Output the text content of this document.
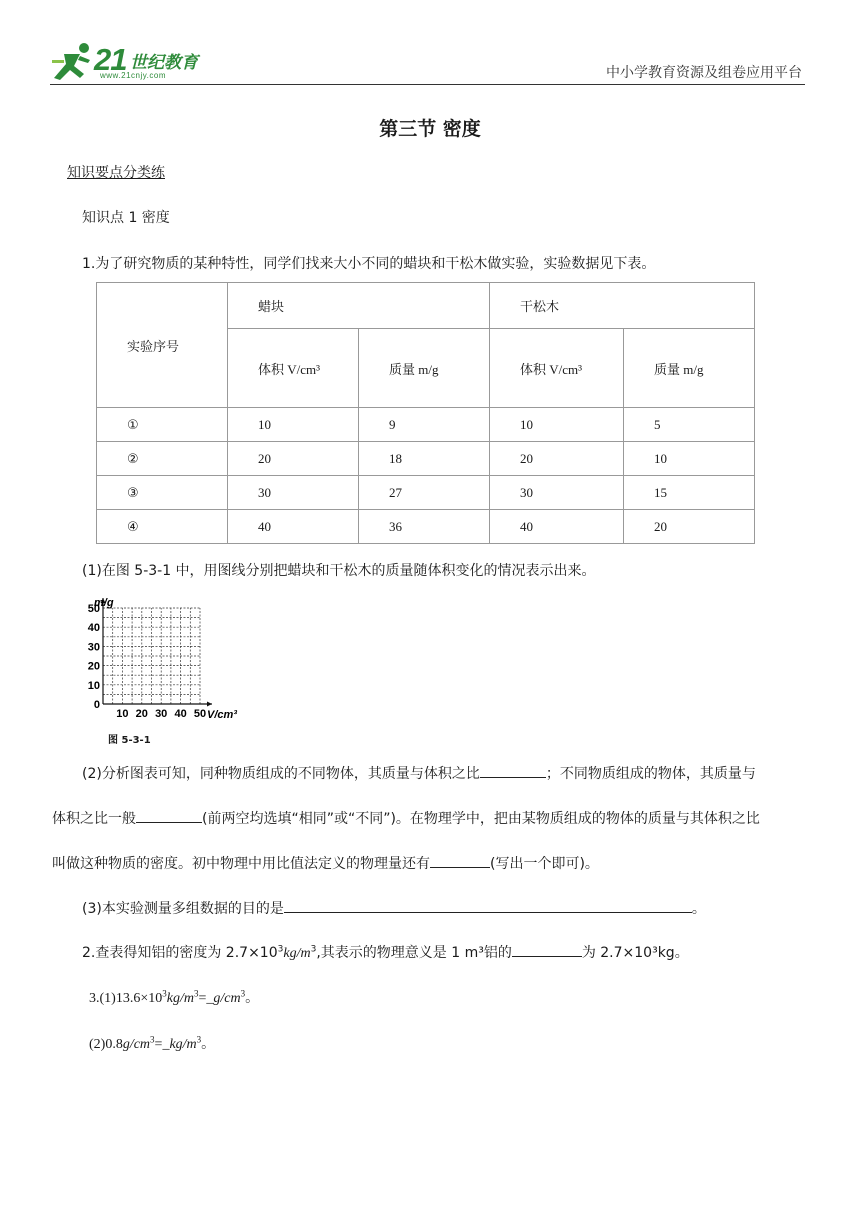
21 世纪教育
www.21cnjy.com	中小学教育资源及组卷应用平台
第三节 密度
知识要点分类练
知识点 1 密度
1.为了研究物质的某种特性，同学们找来大小不同的蜡块和干松木做实验，实验数据见下表。
实验序号	蜡块		干松木	
	体积 V/cm³	质量 m/g	体积 V/cm³	质量 m/g
①	10	9	10	5
②	20	18	20	10
③	30	27	30	15
④	40	36	40	20
(1)在图 5-3-1 中，用图线分别把蜡块和干松木的质量随体积变化的情况表示出来。
10 20 30 40 50
0
10
20
30
40
50
m/g
V/cm³
图 5-3-1
(2)分析图表可知，同种物质组成的不同物体，其质量与体积之比	；不同物质组成的物体，其质量与
体积之比一般	(前两空均选填“相同”或“不同”)。在物理学中，把由某物质组成的物体的质量与其体积之比
叫做这种物质的密度。初中物理中用比值法定义的物理量还有	(写出一个即可)。
(3)本实验测量多组数据的目的是	。
2.查表得知铝的密度为 $2.7\times 10^3kg/m^3$,其表示的物理意义是 1 m³铝的	为 2.7×10³kg。
$3.(1)13.6\times 10^3kg/m^3=\_g/cm^3$。
$(2)0.8g/cm^3=\_kg/m^3$。
